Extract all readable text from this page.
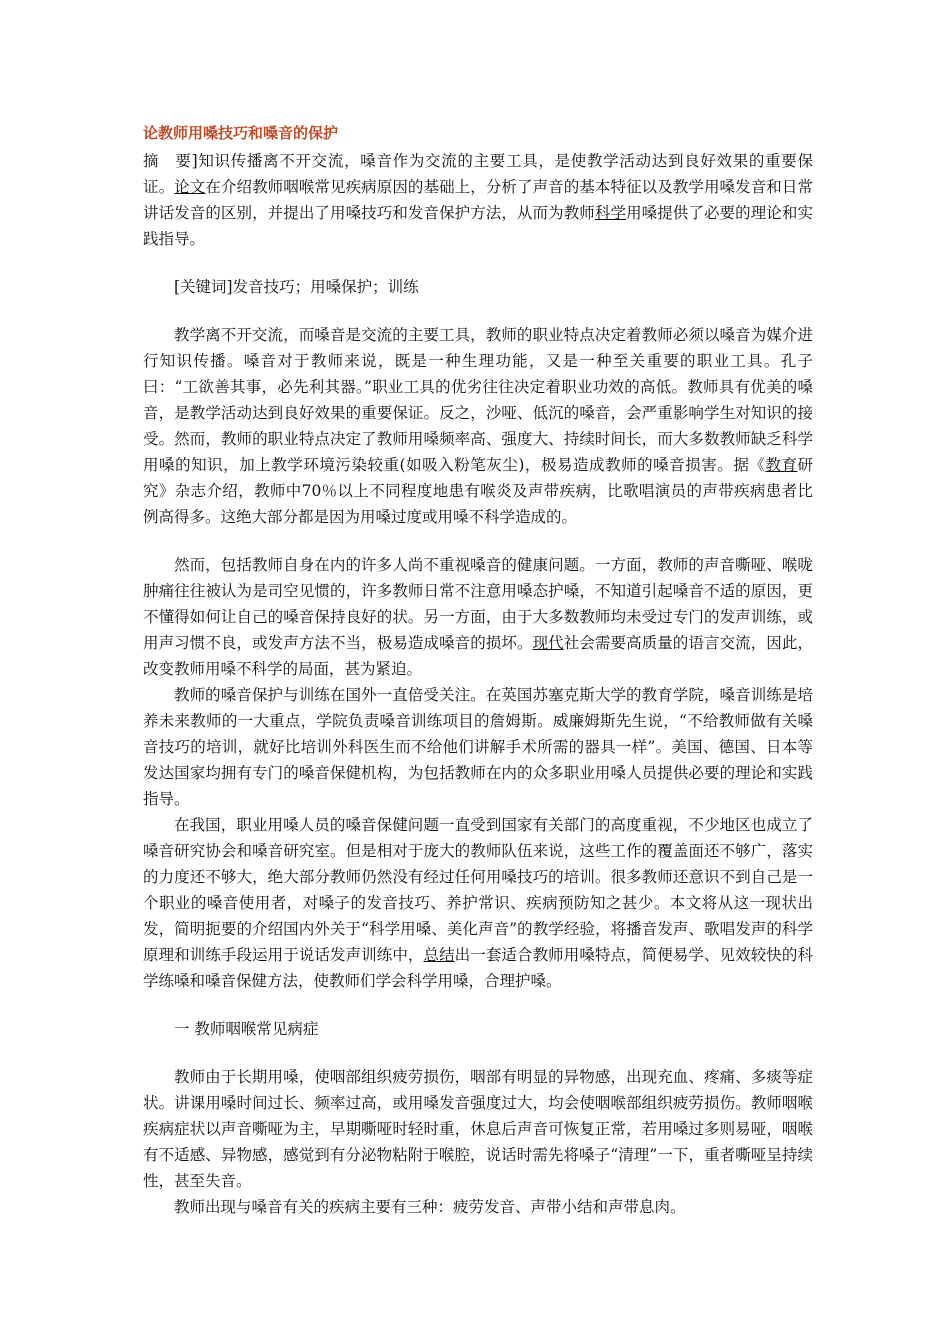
论教师用嗓技巧和嗓音的保护

摘　要]知识传播离不开交流，嗓音作为交流的主要工具，是使教学活动达到良好效果的重要保证。论文在介绍教师咽喉常见疾病原因的基础上，分析了声音的基本特征以及教学用嗓发音和日常讲话发音的区别，并提出了用嗓技巧和发音保护方法，从而为教师科学用嗓提供了必要的理论和实践指导。

[关键词]发音技巧；用嗓保护；训练

教学离不开交流，而嗓音是交流的主要工具，教师的职业特点决定着教师必须以嗓音为媒介进行知识传播。嗓音对于教师来说，既是一种生理功能，又是一种至关重要的职业工具。孔子曰：“工欲善其事，必先利其器。”职业工具的优劣往往决定着职业功效的高低。教师具有优美的嗓音，是教学活动达到良好效果的重要保证。反之，沙哑、低沉的嗓音，会严重影响学生对知识的接受。然而，教师的职业特点决定了教师用嗓频率高、强度大、持续时间长，而大多数教师缺乏科学用嗓的知识，加上教学环境污染较重(如吸入粉笔灰尘)，极易造成教师的嗓音损害。据《教育研究》杂志介绍，教师中70％以上不同程度地患有喉炎及声带疾病，比歌唱演员的声带疾病患者比例高得多。这绝大部分都是因为用嗓过度或用嗓不科学造成的。

然而，包括教师自身在内的许多人尚不重视嗓音的健康问题。一方面，教师的声音嘶哑、喉咙肿痛往往被认为是司空见惯的，许多教师日常不注意用嗓态护嗓，不知道引起嗓音不适的原因，更不懂得如何让自己的嗓音保持良好的状。另一方面，由于大多数教师均未受过专门的发声训练，或用声习惯不良，或发声方法不当，极易造成嗓音的损坏。现代社会需要高质量的语言交流，因此，改变教师用嗓不科学的局面，甚为紧迫。

教师的嗓音保护与训练在国外一直倍受关注。在英国苏塞克斯大学的教育学院，嗓音训练是培养未来教师的一大重点，学院负责嗓音训练项目的詹姆斯。威廉姆斯先生说，“不给教师做有关嗓音技巧的培训，就好比培训外科医生而不给他们讲解手术所需的器具一样”。美国、德国、日本等发达国家均拥有专门的嗓音保健机构，为包括教师在内的众多职业用嗓人员提供必要的理论和实践指导。

在我国，职业用嗓人员的嗓音保健问题一直受到国家有关部门的高度重视，不少地区也成立了嗓音研究协会和嗓音研究室。但是相对于庞大的教师队伍来说，这些工作的覆盖面还不够广，落实的力度还不够大，绝大部分教师仍然没有经过任何用嗓技巧的培训。很多教师还意识不到自己是一个职业的嗓音使用者，对嗓子的发音技巧、养护常识、疾病预防知之甚少。本文将从这一现状出发，简明扼要的介绍国内外关于“科学用嗓、美化声音”的教学经验，将播音发声、歌唱发声的科学原理和训练手段运用于说话发声训练中，总结出一套适合教师用嗓特点，简便易学、见效较快的科学练嗓和嗓音保健方法，使教师们学会科学用嗓，合理护嗓。

一 教师咽喉常见病症

教师由于长期用嗓，使咽部组织疲劳损伤，咽部有明显的异物感，出现充血、疼痛、多痰等症状。讲课用嗓时间过长、频率过高，或用嗓发音强度过大，均会使咽喉部组织疲劳损伤。教师咽喉疾病症状以声音嘶哑为主，早期嘶哑时轻时重，休息后声音可恢复正常，若用嗓过多则易哑，咽喉有不适感、异物感，感觉到有分泌物粘附于喉腔，说话时需先将嗓子“清理”一下，重者嘶哑呈持续性，甚至失音。

教师出现与嗓音有关的疾病主要有三种：疲劳发音、声带小结和声带息肉。
